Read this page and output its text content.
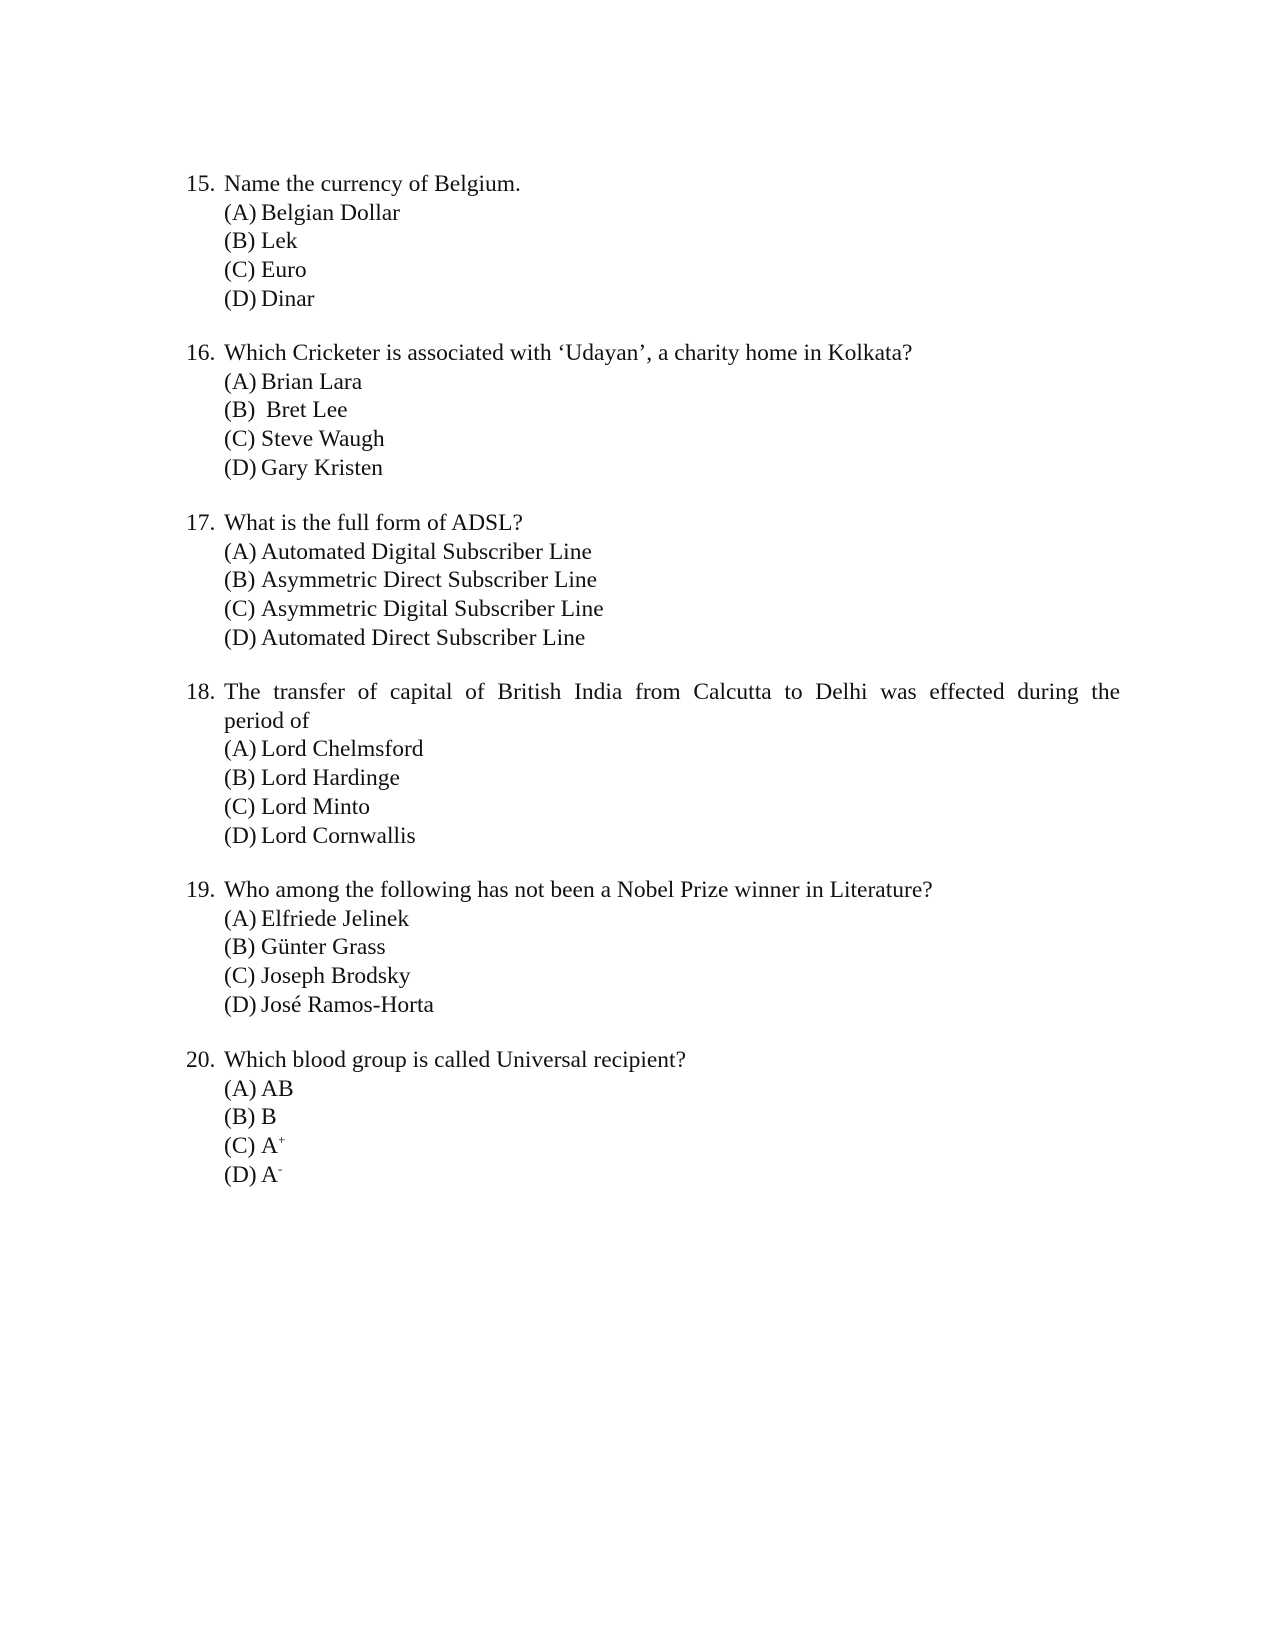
15. Name the currency of Belgium.
(A) Belgian Dollar
(B) Lek
(C) Euro
(D) Dinar
16. Which Cricketer is associated with ‘Udayan’, a charity home in Kolkata?
(A) Brian Lara
(B) Bret Lee
(C) Steve Waugh
(D) Gary Kristen
17. What is the full form of ADSL?
(A) Automated Digital Subscriber Line
(B) Asymmetric Direct Subscriber Line
(C) Asymmetric Digital Subscriber Line
(D) Automated Direct Subscriber Line
18. The transfer of capital of British India from Calcutta to Delhi was effected during the
period of
(A) Lord Chelmsford
(B) Lord Hardinge
(C) Lord Minto
(D) Lord Cornwallis
19. Who among the following has not been a Nobel Prize winner in Literature?
(A) Elfriede Jelinek
(B) Günter Grass
(C) Joseph Brodsky
(D) José Ramos-Horta
20. Which blood group is called Universal recipient?
(A) AB
(B) B
(C) A+
(D) A-
